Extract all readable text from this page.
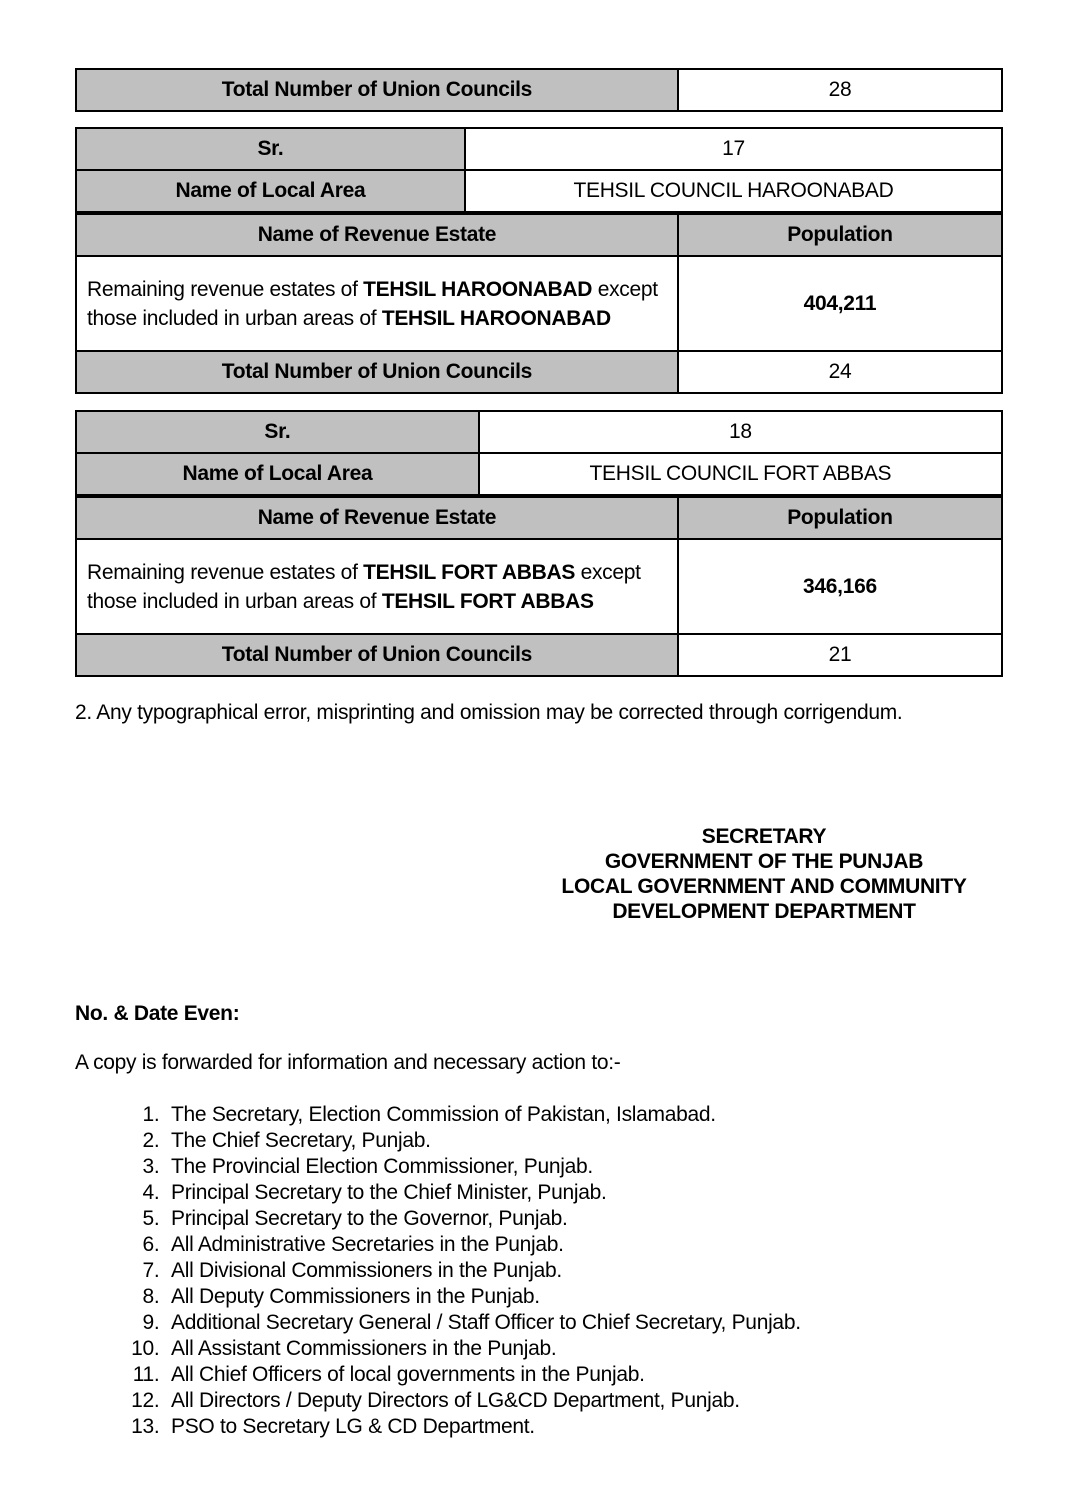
Total Number of Union Councils	28
Sr.	17
Name of Local Area	TEHSIL COUNCIL HAROONABAD
Name of Revenue Estate	Population
Remaining revenue estates of TEHSIL HAROONABAD except those included in urban areas of TEHSIL HAROONABAD	404,211
Total Number of Union Councils	24
Sr.	18
Name of Local Area	TEHSIL COUNCIL FORT ABBAS
Name of Revenue Estate	Population
Remaining revenue estates of TEHSIL FORT ABBAS except those included in urban areas of TEHSIL FORT ABBAS	346,166
Total Number of Union Councils	21

2. Any typographical error, misprinting and omission may be corrected through corrigendum.

SECRETARY
GOVERNMENT OF THE PUNJAB
LOCAL GOVERNMENT AND COMMUNITY
DEVELOPMENT DEPARTMENT

No. & Date Even:

A copy is forwarded for information and necessary action to:-

1. The Secretary, Election Commission of Pakistan, Islamabad.
2. The Chief Secretary, Punjab.
3. The Provincial Election Commissioner, Punjab.
4. Principal Secretary to the Chief Minister, Punjab.
5. Principal Secretary to the Governor, Punjab.
6. All Administrative Secretaries in the Punjab.
7. All Divisional Commissioners in the Punjab.
8. All Deputy Commissioners in the Punjab.
9. Additional Secretary General / Staff Officer to Chief Secretary, Punjab.
10. All Assistant Commissioners in the Punjab.
11. All Chief Officers of local governments in the Punjab.
12. All Directors / Deputy Directors of LG&CD Department, Punjab.
13. PSO to Secretary LG & CD Department.
